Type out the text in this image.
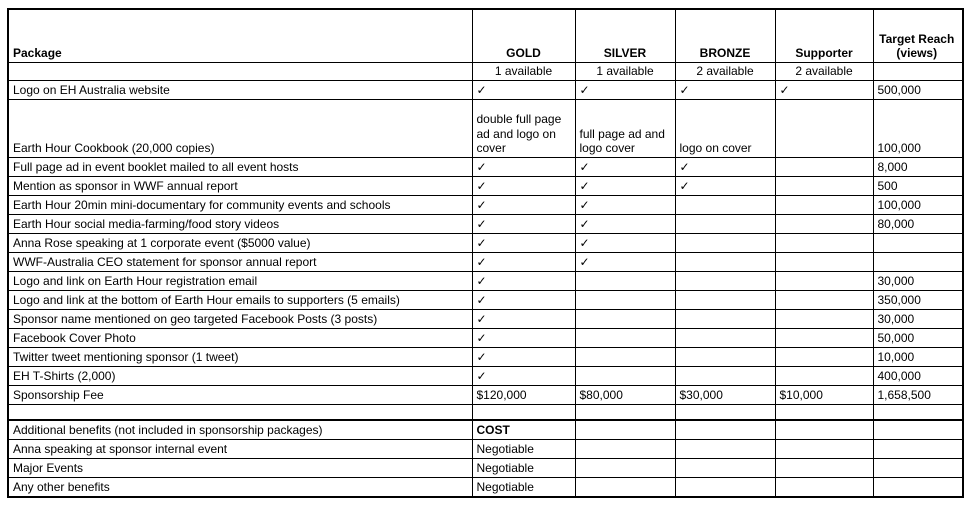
Package	GOLD	SILVER	BRONZE	Supporter	Target Reach (views)
	1 available	1 available	2 available	2 available	
Logo on EH Australia website	✓	✓	✓	✓	500,000
Earth Hour Cookbook (20,000 copies)	double full page ad and logo on cover	full page ad and logo cover	logo on cover		100,000
Full page ad in event booklet mailed to all event hosts	✓	✓	✓		8,000
Mention as sponsor in WWF annual report	✓	✓	✓		500
Earth Hour 20min mini-documentary for community events and schools	✓	✓			100,000
Earth Hour social media-farming/food story videos	✓	✓			80,000
Anna Rose speaking at 1 corporate event ($5000 value)	✓	✓			
WWF-Australia CEO statement for sponsor annual report	✓	✓			
Logo and link on Earth Hour registration email	✓				30,000
Logo and link at the bottom of Earth Hour emails to supporters (5 emails)	✓				350,000
Sponsor name mentioned on geo targeted Facebook Posts (3 posts)	✓				30,000
Facebook Cover Photo	✓				50,000
Twitter tweet mentioning sponsor (1 tweet)	✓				10,000
EH T-Shirts (2,000)	✓				400,000
Sponsorship Fee	$120,000	$80,000	$30,000	$10,000	1,658,500

Additional benefits (not included in sponsorship packages)	COST				
Anna speaking at sponsor internal event	Negotiable				
Major Events	Negotiable				
Any other benefits	Negotiable				
